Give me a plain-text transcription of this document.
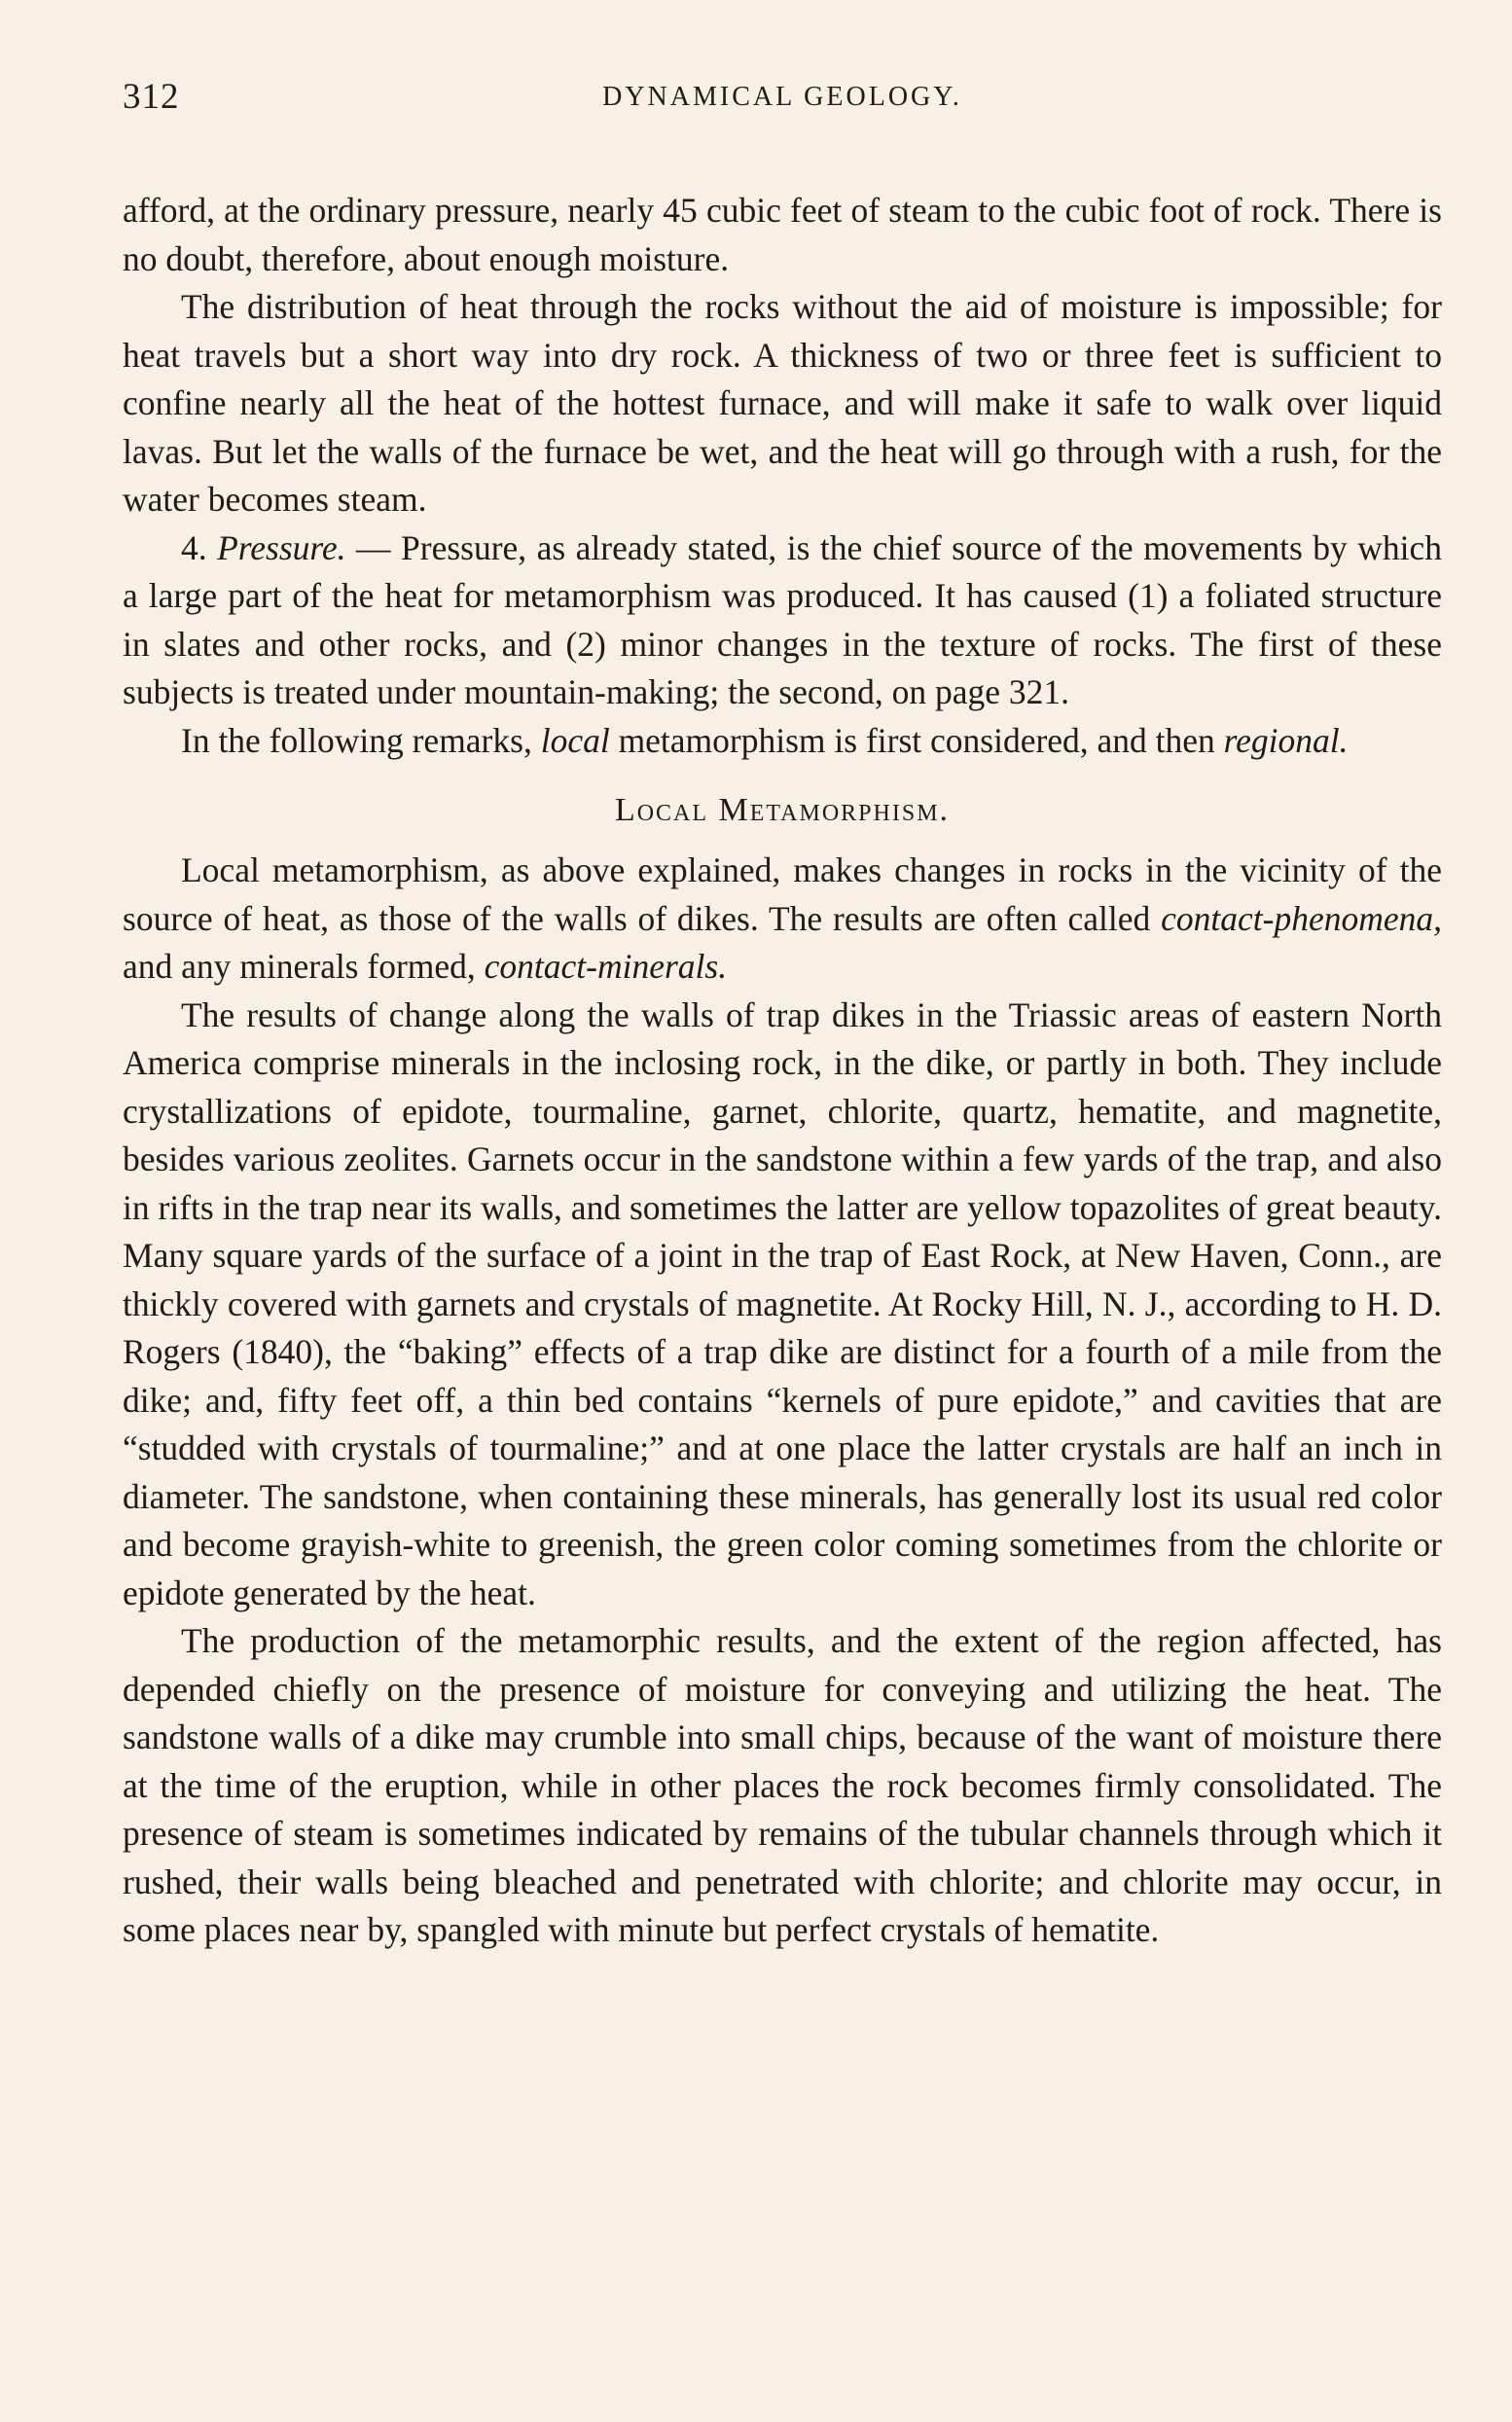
312	DYNAMICAL GEOLOGY.

afford, at the ordinary pressure, nearly 45 cubic feet of steam to the cubic foot of rock. There is no doubt, therefore, about enough moisture.

The distribution of heat through the rocks without the aid of moisture is impossible; for heat travels but a short way into dry rock. A thickness of two or three feet is sufficient to confine nearly all the heat of the hottest furnace, and will make it safe to walk over liquid lavas. But let the walls of the furnace be wet, and the heat will go through with a rush, for the water becomes steam.

4. Pressure. — Pressure, as already stated, is the chief source of the movements by which a large part of the heat for metamorphism was produced. It has caused (1) a foliated structure in slates and other rocks, and (2) minor changes in the texture of rocks. The first of these subjects is treated under mountain-making; the second, on page 321.

In the following remarks, local metamorphism is first considered, and then regional.

Local Metamorphism.

Local metamorphism, as above explained, makes changes in rocks in the vicinity of the source of heat, as those of the walls of dikes. The results are often called contact-phenomena, and any minerals formed, contact-minerals.

The results of change along the walls of trap dikes in the Triassic areas of eastern North America comprise minerals in the inclosing rock, in the dike, or partly in both. They include crystallizations of epidote, tourmaline, garnet, chlorite, quartz, hematite, and magnetite, besides various zeolites. Garnets occur in the sandstone within a few yards of the trap, and also in rifts in the trap near its walls, and sometimes the latter are yellow topazolites of great beauty. Many square yards of the surface of a joint in the trap of East Rock, at New Haven, Conn., are thickly covered with garnets and crystals of magnetite. At Rocky Hill, N. J., according to H. D. Rogers (1840), the “baking” effects of a trap dike are distinct for a fourth of a mile from the dike; and, fifty feet off, a thin bed contains “kernels of pure epidote,” and cavities that are “studded with crystals of tourmaline;” and at one place the latter crystals are half an inch in diameter. The sandstone, when containing these minerals, has generally lost its usual red color and become grayish-white to greenish, the green color coming sometimes from the chlorite or epidote generated by the heat.

The production of the metamorphic results, and the extent of the region affected, has depended chiefly on the presence of moisture for conveying and utilizing the heat. The sandstone walls of a dike may crumble into small chips, because of the want of moisture there at the time of the eruption, while in other places the rock becomes firmly consolidated. The presence of steam is sometimes indicated by remains of the tubular channels through which it rushed, their walls being bleached and penetrated with chlorite; and chlorite may occur, in some places near by, spangled with minute but perfect crystals of hematite.
